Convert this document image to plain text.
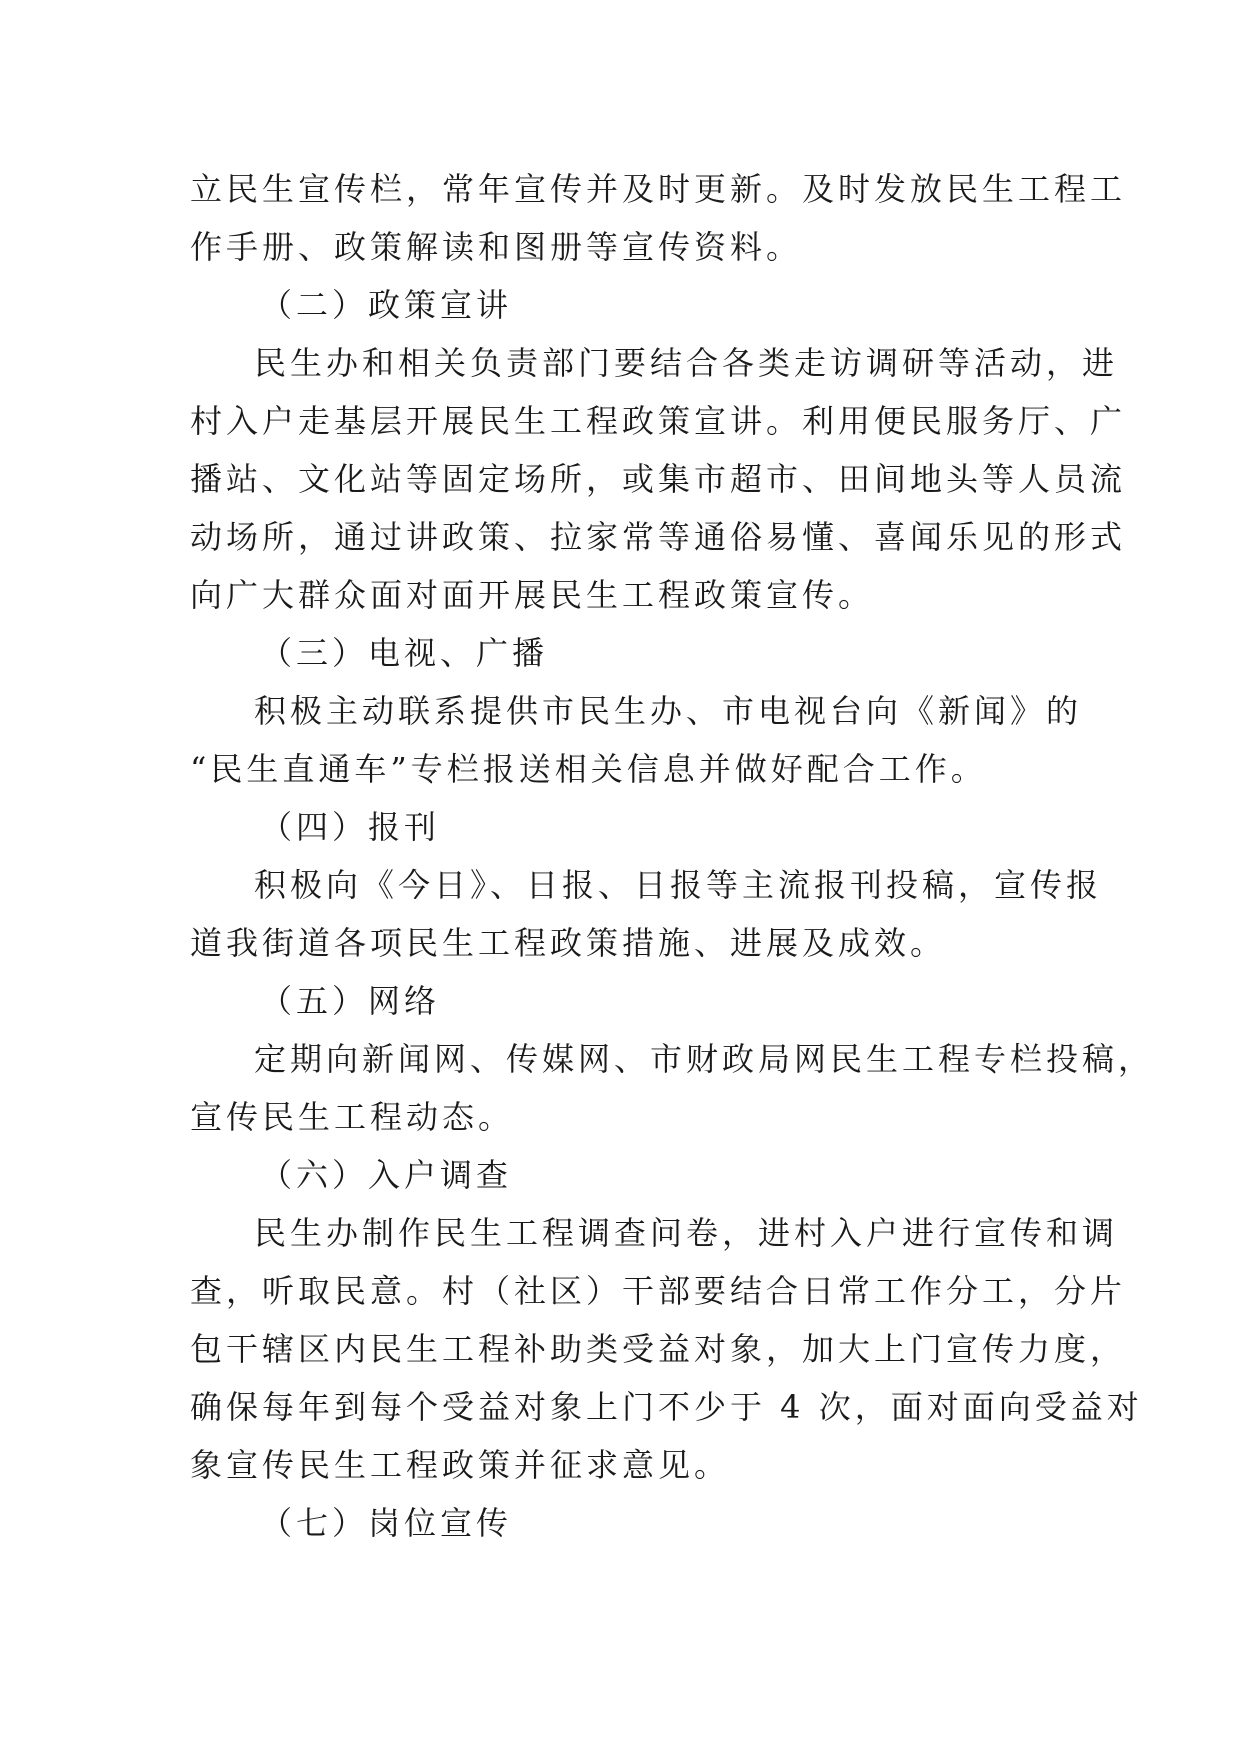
立民生宣传栏，常年宣传并及时更新。及时发放民生工程工

作手册、政策解读和图册等宣传资料。

（二）政策宣讲

民生办和相关负责部门要结合各类走访调研等活动，进

村入户走基层开展民生工程政策宣讲。利用便民服务厅、广

播站、文化站等固定场所，或集市超市、田间地头等人员流

动场所，通过讲政策、拉家常等通俗易懂、喜闻乐见的形式

向广大群众面对面开展民生工程政策宣传。

（三）电视、广播

积极主动联系提供市民生办、市电视台向《新闻》的

“民生直通车”专栏报送相关信息并做好配合工作。

（四）报刊

积极向《今日》、日报、日报等主流报刊投稿，宣传报

道我街道各项民生工程政策措施、进展及成效。

（五）网络

定期向新闻网、传媒网、市财政局网民生工程专栏投稿，

宣传民生工程动态。

（六）入户调查

民生办制作民生工程调查问卷，进村入户进行宣传和调

查，听取民意。村（社区）干部要结合日常工作分工，分片

包干辖区内民生工程补助类受益对象，加大上门宣传力度，

确保每年到每个受益对象上门不少于 4 次，面对面向受益对

象宣传民生工程政策并征求意见。

（七）岗位宣传
